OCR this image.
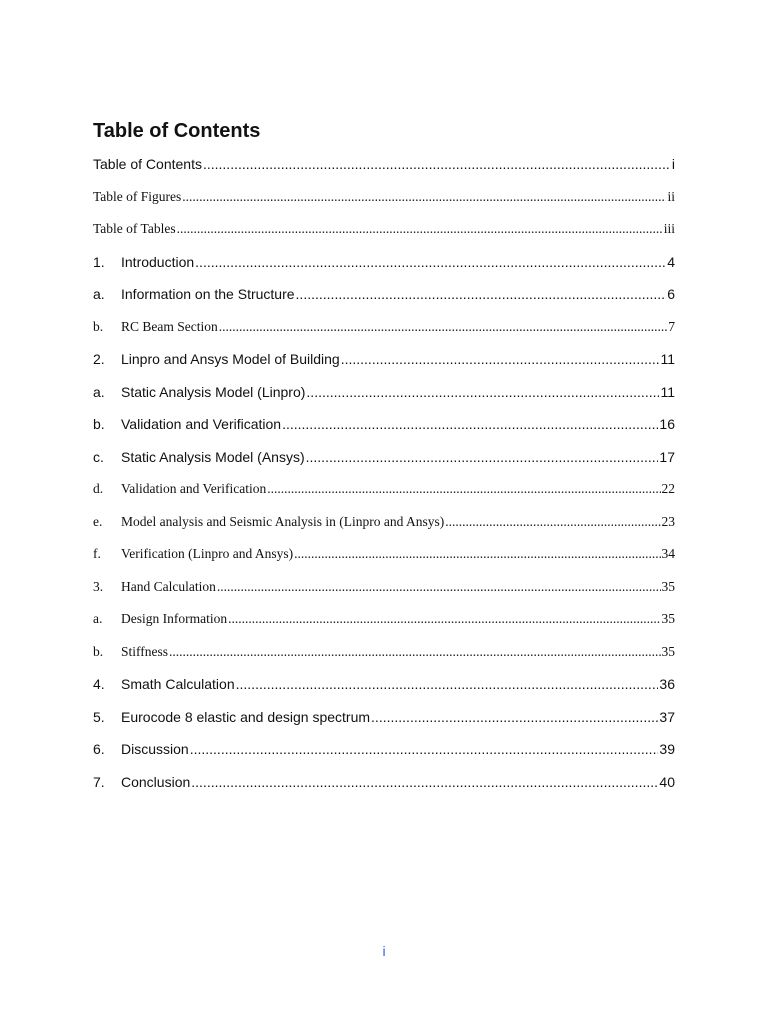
Table of Contents
Table of Contents .....	i
Table of Figures .....	ii
Table of Tables .....	iii
1.	Introduction .....	4
a.	Information on the Structure .....	6
b.	RC Beam Section .....	7
2.	Linpro and Ansys Model of Building .....	11
a.	Static Analysis Model (Linpro) .....	11
b.	Validation and Verification .....	16
c.	Static Analysis Model (Ansys) .....	17
d.	Validation and Verification .....	22
e.	Model analysis and Seismic Analysis in (Linpro and Ansys) .....	23
f.	Verification (Linpro and Ansys) .....	34
3.	Hand Calculation .....	35
a.	Design Information .....	35
b.	Stiffness .....	35
4.	Smath Calculation .....	36
5.	Eurocode 8 elastic and design spectrum .....	37
6.	Discussion .....	39
7.	Conclusion .....	40
i
